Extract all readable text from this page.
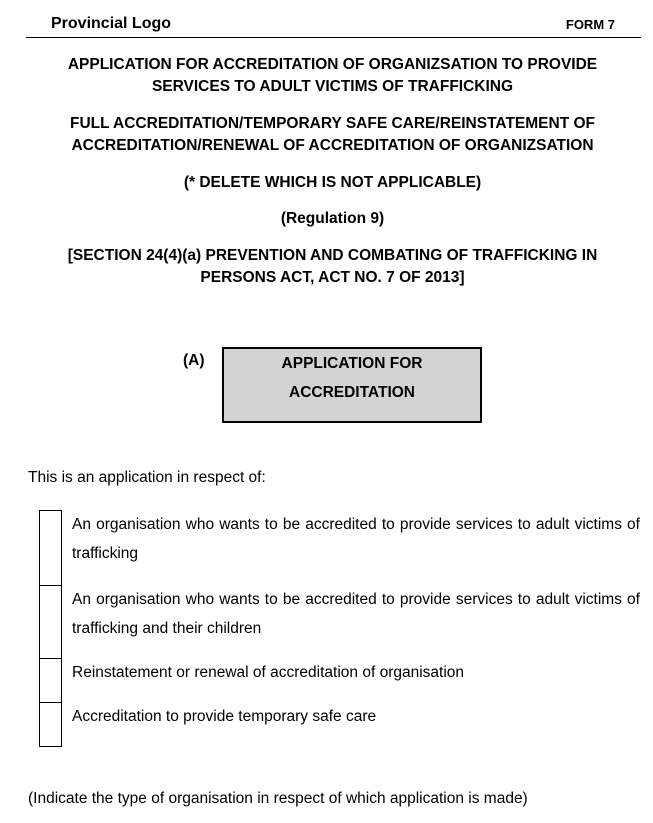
Provincial Logo	FORM 7
APPLICATION FOR ACCREDITATION OF ORGANIZSATION TO PROVIDE SERVICES TO ADULT VICTIMS OF TRAFFICKING
FULL ACCREDITATION/TEMPORARY SAFE CARE/REINSTATEMENT OF ACCREDITATION/RENEWAL OF ACCREDITATION OF ORGANIZSATION
(* DELETE WHICH IS NOT APPLICABLE)
(Regulation 9)
[SECTION 24(4)(a) PREVENTION AND COMBATING OF TRAFFICKING IN PERSONS ACT, ACT NO. 7 OF 2013]
(A)	APPLICATION FOR
ACCREDITATION
This is an application in respect of:
An organisation who wants to be accredited to provide services to adult victims of trafficking
An organisation who wants to be accredited to provide services to adult victims of trafficking and their children
Reinstatement or renewal of accreditation of organisation
Accreditation to provide temporary safe care
(Indicate the type of organisation in respect of which application is made)
